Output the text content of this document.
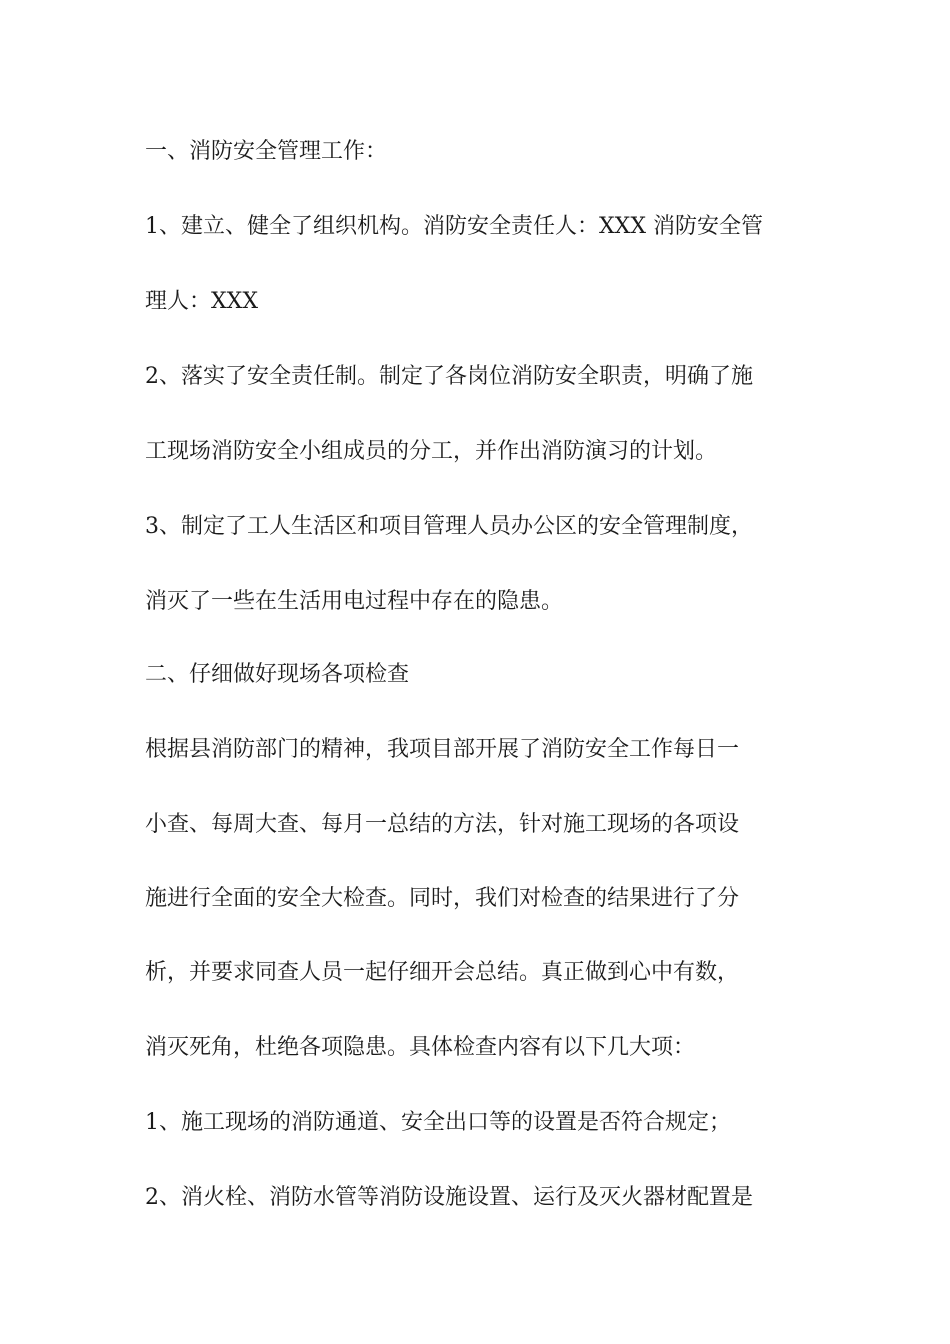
一、消防安全管理工作：
1、建立、健全了组织机构。消防安全责任人：XXX 消防安全管
理人：XXX
2、落实了安全责任制。制定了各岗位消防安全职责，明确了施
工现场消防安全小组成员的分工，并作出消防演习的计划。
3、制定了工人生活区和项目管理人员办公区的安全管理制度，
消灭了一些在生活用电过程中存在的隐患。
二、仔细做好现场各项检查
根据县消防部门的精神，我项目部开展了消防安全工作每日一
小查、每周大查、每月一总结的方法，针对施工现场的各项设
施进行全面的安全大检查。同时，我们对检查的结果进行了分
析，并要求同查人员一起仔细开会总结。真正做到心中有数，
消灭死角，杜绝各项隐患。具体检查内容有以下几大项：
1、施工现场的消防通道、安全出口等的设置是否符合规定；
2、消火栓、消防水管等消防设施设置、运行及灭火器材配置是
